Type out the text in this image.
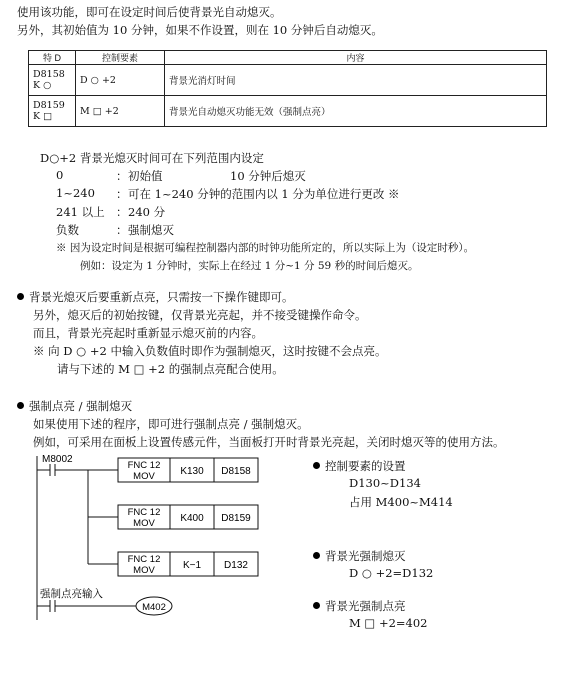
使用该功能，即可在设定时间后使背景光自动熄灭。
另外，其初始值为 10 分钟，如果不作设置，则在 10 分钟后自动熄灭。
特 D	控制要素	内容

D8158
K ○	D ○ +2	背景光消灯时间

D8159
K □	M □ +2	背景光自动熄灭功能无效（强制点亮）
D○+2 背景光熄灭时间可在下列范围内设定
0	： 初始值	10 分钟后熄灭
1~240 ： 可在 1~240 分钟的范围内以 1 分为单位进行更改 ※
241 以上 ： 240 分
负数	： 强制熄灭
※ 因为设定时间是根据可编程控制器内部的时钟功能所定的，所以实际上为（设定时秒）。
例如：设定为 1 分钟时，实际上在经过 1 分~1 分 59 秒的时间后熄灭。
背景光熄灭后要重新点亮，只需按一下操作键即可。
另外，熄灭后的初始按键，仅背景光亮起，并不接受键操作命令。
而且，背景光亮起时重新显示熄灭前的内容。
※ 向 D ○ +2 中输入负数值时即作为强制熄灭，这时按键不会点亮。
请与下述的 M □ +2 的强制点亮配合使用。
强制点亮 / 强制熄灭
如果使用下述的程序，即可进行强制点亮 / 强制熄灭。
例如，可采用在面板上设置传感元件，当面板打开时背景光亮起，关闭时熄灭等的使用方法。
M8002
FNC 12
MOV	K130 D8158
FNC 12
MOV	K400 D8159
FNC 12
MOV	K−1 D132
强制点亮输入
M402
控制要素的设置
D130~D134
占用 M400~M414
背景光强制熄灭
D ○ +2=D132
背景光强制点亮
M □ +2=402
